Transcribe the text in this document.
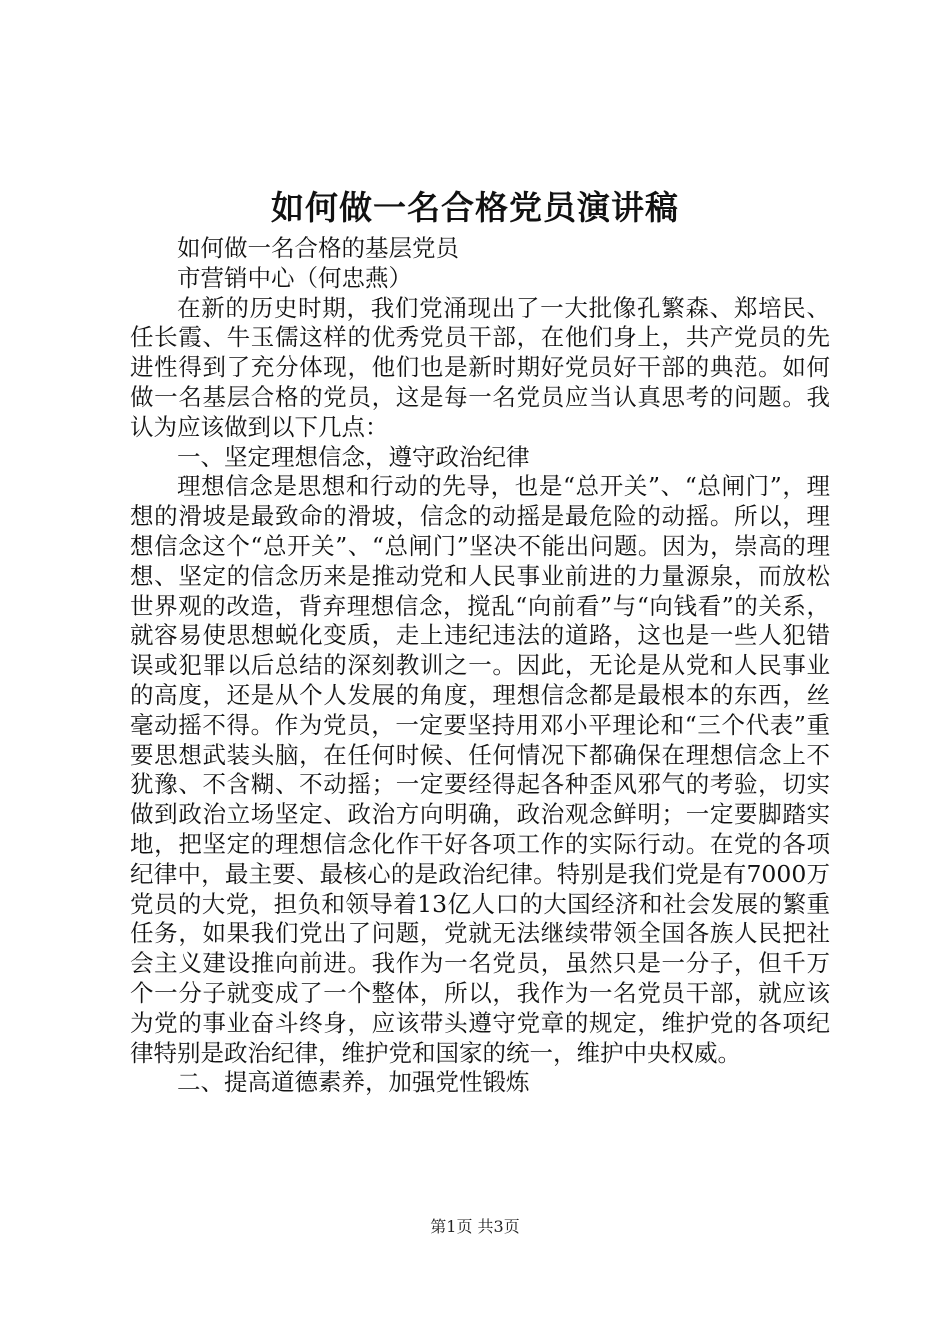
如何做一名合格党员演讲稿

如何做一名合格的基层党员

市营销中心（何忠燕）

在新的历史时期，我们党涌现出了一大批像孔繁森、郑培民、任长霞、牛玉儒这样的优秀党员干部，在他们身上，共产党员的先进性得到了充分体现，他们也是新时期好党员好干部的典范。如何做一名基层合格的党员，这是每一名党员应当认真思考的问题。我认为应该做到以下几点：

一、坚定理想信念，遵守政治纪律

理想信念是思想和行动的先导，也是“总开关”、“总闸门”，理想的滑坡是最致命的滑坡，信念的动摇是最危险的动摇。所以，理想信念这个“总开关”、“总闸门”坚决不能出问题。因为，崇高的理想、坚定的信念历来是推动党和人民事业前进的力量源泉，而放松世界观的改造，背弃理想信念，搅乱“向前看”与“向钱看”的关系，就容易使思想蜕化变质，走上违纪违法的道路，这也是一些人犯错误或犯罪以后总结的深刻教训之一。因此，无论是从党和人民事业的高度，还是从个人发展的角度，理想信念都是最根本的东西，丝毫动摇不得。作为党员，一定要坚持用邓小平理论和“三个代表”重要思想武装头脑，在任何时候、任何情况下都确保在理想信念上不犹豫、不含糊、不动摇；一定要经得起各种歪风邪气的考验，切实做到政治立场坚定、政治方向明确，政治观念鲜明；一定要脚踏实地，把坚定的理想信念化作干好各项工作的实际行动。在党的各项纪律中，最主要、最核心的是政治纪律。特别是我们党是有7000万党员的大党，担负和领导着13亿人口的大国经济和社会发展的繁重任务，如果我们党出了问题，党就无法继续带领全国各族人民把社会主义建设推向前进。我作为一名党员，虽然只是一分子，但千万个一分子就变成了一个整体，所以，我作为一名党员干部，就应该为党的事业奋斗终身，应该带头遵守党章的规定，维护党的各项纪律特别是政治纪律，维护党和国家的统一，维护中央权威。

二、提高道德素养，加强党性锻炼

第1页 共3页
